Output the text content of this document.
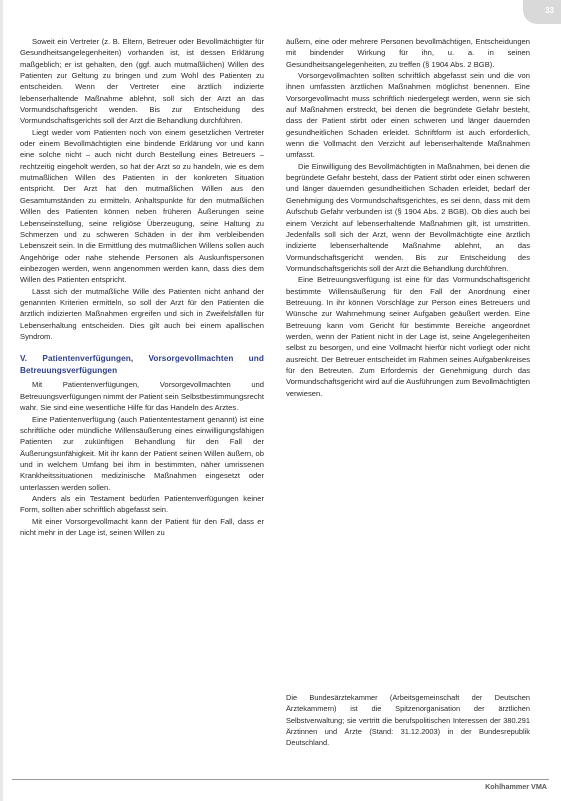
33

Soweit ein Vertreter (z. B. Eltern, Betreuer oder Bevollmächtigter für Gesundheitsangelegenheiten) vorhanden ist, ist dessen Erklärung maßgeblich; er ist gehalten, den (ggf. auch mutmaßlichen) Willen des Patienten zur Geltung zu bringen und zum Wohl des Patienten zu entscheiden. Wenn der Vertreter eine ärztlich indizierte lebenserhaltende Maßnahme ablehnt, soll sich der Arzt an das Vormundschaftsgericht wenden. Bis zur Entscheidung des Vormundschaftsgerichts soll der Arzt die Behandlung durchführen.

Liegt weder vom Patienten noch von einem gesetzlichen Vertreter oder einem Bevollmächtigten eine bindende Erklärung vor und kann eine solche nicht – auch nicht durch Bestellung eines Betreuers – rechtzeitig eingeholt werden, so hat der Arzt so zu handeln, wie es dem mutmaßlichen Willen des Patienten in der konkreten Situation entspricht. Der Arzt hat den mutmaßlichen Willen aus den Gesamtumständen zu ermitteln. Anhaltspunkte für den mutmaßlichen Willen des Patienten können neben früheren Äußerungen seine Lebenseinstellung, seine religiöse Überzeugung, seine Haltung zu Schmerzen und zu schweren Schäden in der ihm verbleibenden Lebenszeit sein. In die Ermittlung des mutmaßlichen Willens sollen auch Angehörige oder nahe stehende Personen als Auskunftspersonen einbezogen werden, wenn angenommen werden kann, dass dies dem Willen des Patienten entspricht.

Lässt sich der mutmaßliche Wille des Patienten nicht anhand der genannten Kriterien ermitteln, so soll der Arzt für den Patienten die ärztlich indizierten Maßnahmen ergreifen und sich in Zweifelsfällen für Lebenserhaltung entscheiden. Dies gilt auch bei einem apallischen Syndrom.

V. Patientenverfügungen, Vorsorgevollmachten und Betreuungsverfügungen

Mit Patientenverfügungen, Vorsorgevollmachten und Betreuungsverfügungen nimmt der Patient sein Selbstbestimmungsrecht wahr. Sie sind eine wesentliche Hilfe für das Handeln des Arztes.

Eine Patientenverfügung (auch Patiententestament genannt) ist eine schriftliche oder mündliche Willensäußerung eines einwilligungsfähigen Patienten zur zukünftigen Behandlung für den Fall der Äußerungsunfähigkeit. Mit ihr kann der Patient seinen Willen äußern, ob und in welchem Umfang bei ihm in bestimmten, näher umrissenen Krankheitssituationen medizinische Maßnahmen eingesetzt oder unterlassen werden sollen.

Anders als ein Testament bedürfen Patientenverfügungen keiner Form, sollten aber schriftlich abgefasst sein.

Mit einer Vorsorgevollmacht kann der Patient für den Fall, dass er nicht mehr in der Lage ist, seinen Willen zu

äußern, eine oder mehrere Personen bevollmächtigen, Entscheidungen mit bindender Wirkung für ihn, u. a. in seinen Gesundheitsangelegenheiten, zu treffen (§ 1904 Abs. 2 BGB).

Vorsorgevollmachten sollten schriftlich abgefasst sein und die von ihnen umfassten ärztlichen Maßnahmen möglichst benennen. Eine Vorsorgevollmacht muss schriftlich niedergelegt werden, wenn sie sich auf Maßnahmen erstreckt, bei denen die begründete Gefahr besteht, dass der Patient stirbt oder einen schweren und länger dauernden gesundheitlichen Schaden erleidet. Schriftform ist auch erforderlich, wenn die Vollmacht den Verzicht auf lebenserhaltende Maßnahmen umfasst.

Die Einwilligung des Bevollmächtigten in Maßnahmen, bei denen die begründete Gefahr besteht, dass der Patient stirbt oder einen schweren und länger dauernden gesundheitlichen Schaden erleidet, bedarf der Genehmigung des Vormundschaftsgerichtes, es sei denn, dass mit dem Aufschub Gefahr verbunden ist (§ 1904 Abs. 2 BGB). Ob dies auch bei einem Verzicht auf lebenserhaltende Maßnahmen gilt, ist umstritten. Jedenfalls soll sich der Arzt, wenn der Bevollmächtigte eine ärztlich indizierte lebenserhaltende Maßnahme ablehnt, an das Vormundschaftsgericht wenden. Bis zur Entscheidung des Vormundschaftsgerichts soll der Arzt die Behandlung durchführen.

Eine Betreuungsverfügung ist eine für das Vormundschaftsgericht bestimmte Willensäußerung für den Fall der Anordnung einer Betreuung. In ihr können Vorschläge zur Person eines Betreuers und Wünsche zur Wahrnehmung seiner Aufgaben geäußert werden. Eine Betreuung kann vom Gericht für bestimmte Bereiche angeordnet werden, wenn der Patient nicht in der Lage ist, seine Angelegenheiten selbst zu besorgen, und eine Vollmacht hierfür nicht vorliegt oder nicht ausreicht. Der Betreuer entscheidet im Rahmen seines Aufgabenkreises für den Betreuten. Zum Erfordernis der Genehmigung durch das Vormundschaftsgericht wird auf die Ausführungen zum Bevollmächtigten verwiesen.

Die Bundesärztekammer (Arbeitsgemeinschaft der Deutschen Ärztekammern) ist die Spitzenorganisation der ärztlichen Selbstverwaltung; sie vertritt die berufspolitischen Interessen der 380.291 Ärztinnen und Ärzte (Stand: 31.12.2003) in der Bundesrepublik Deutschland.
Kohlhammer VMA
